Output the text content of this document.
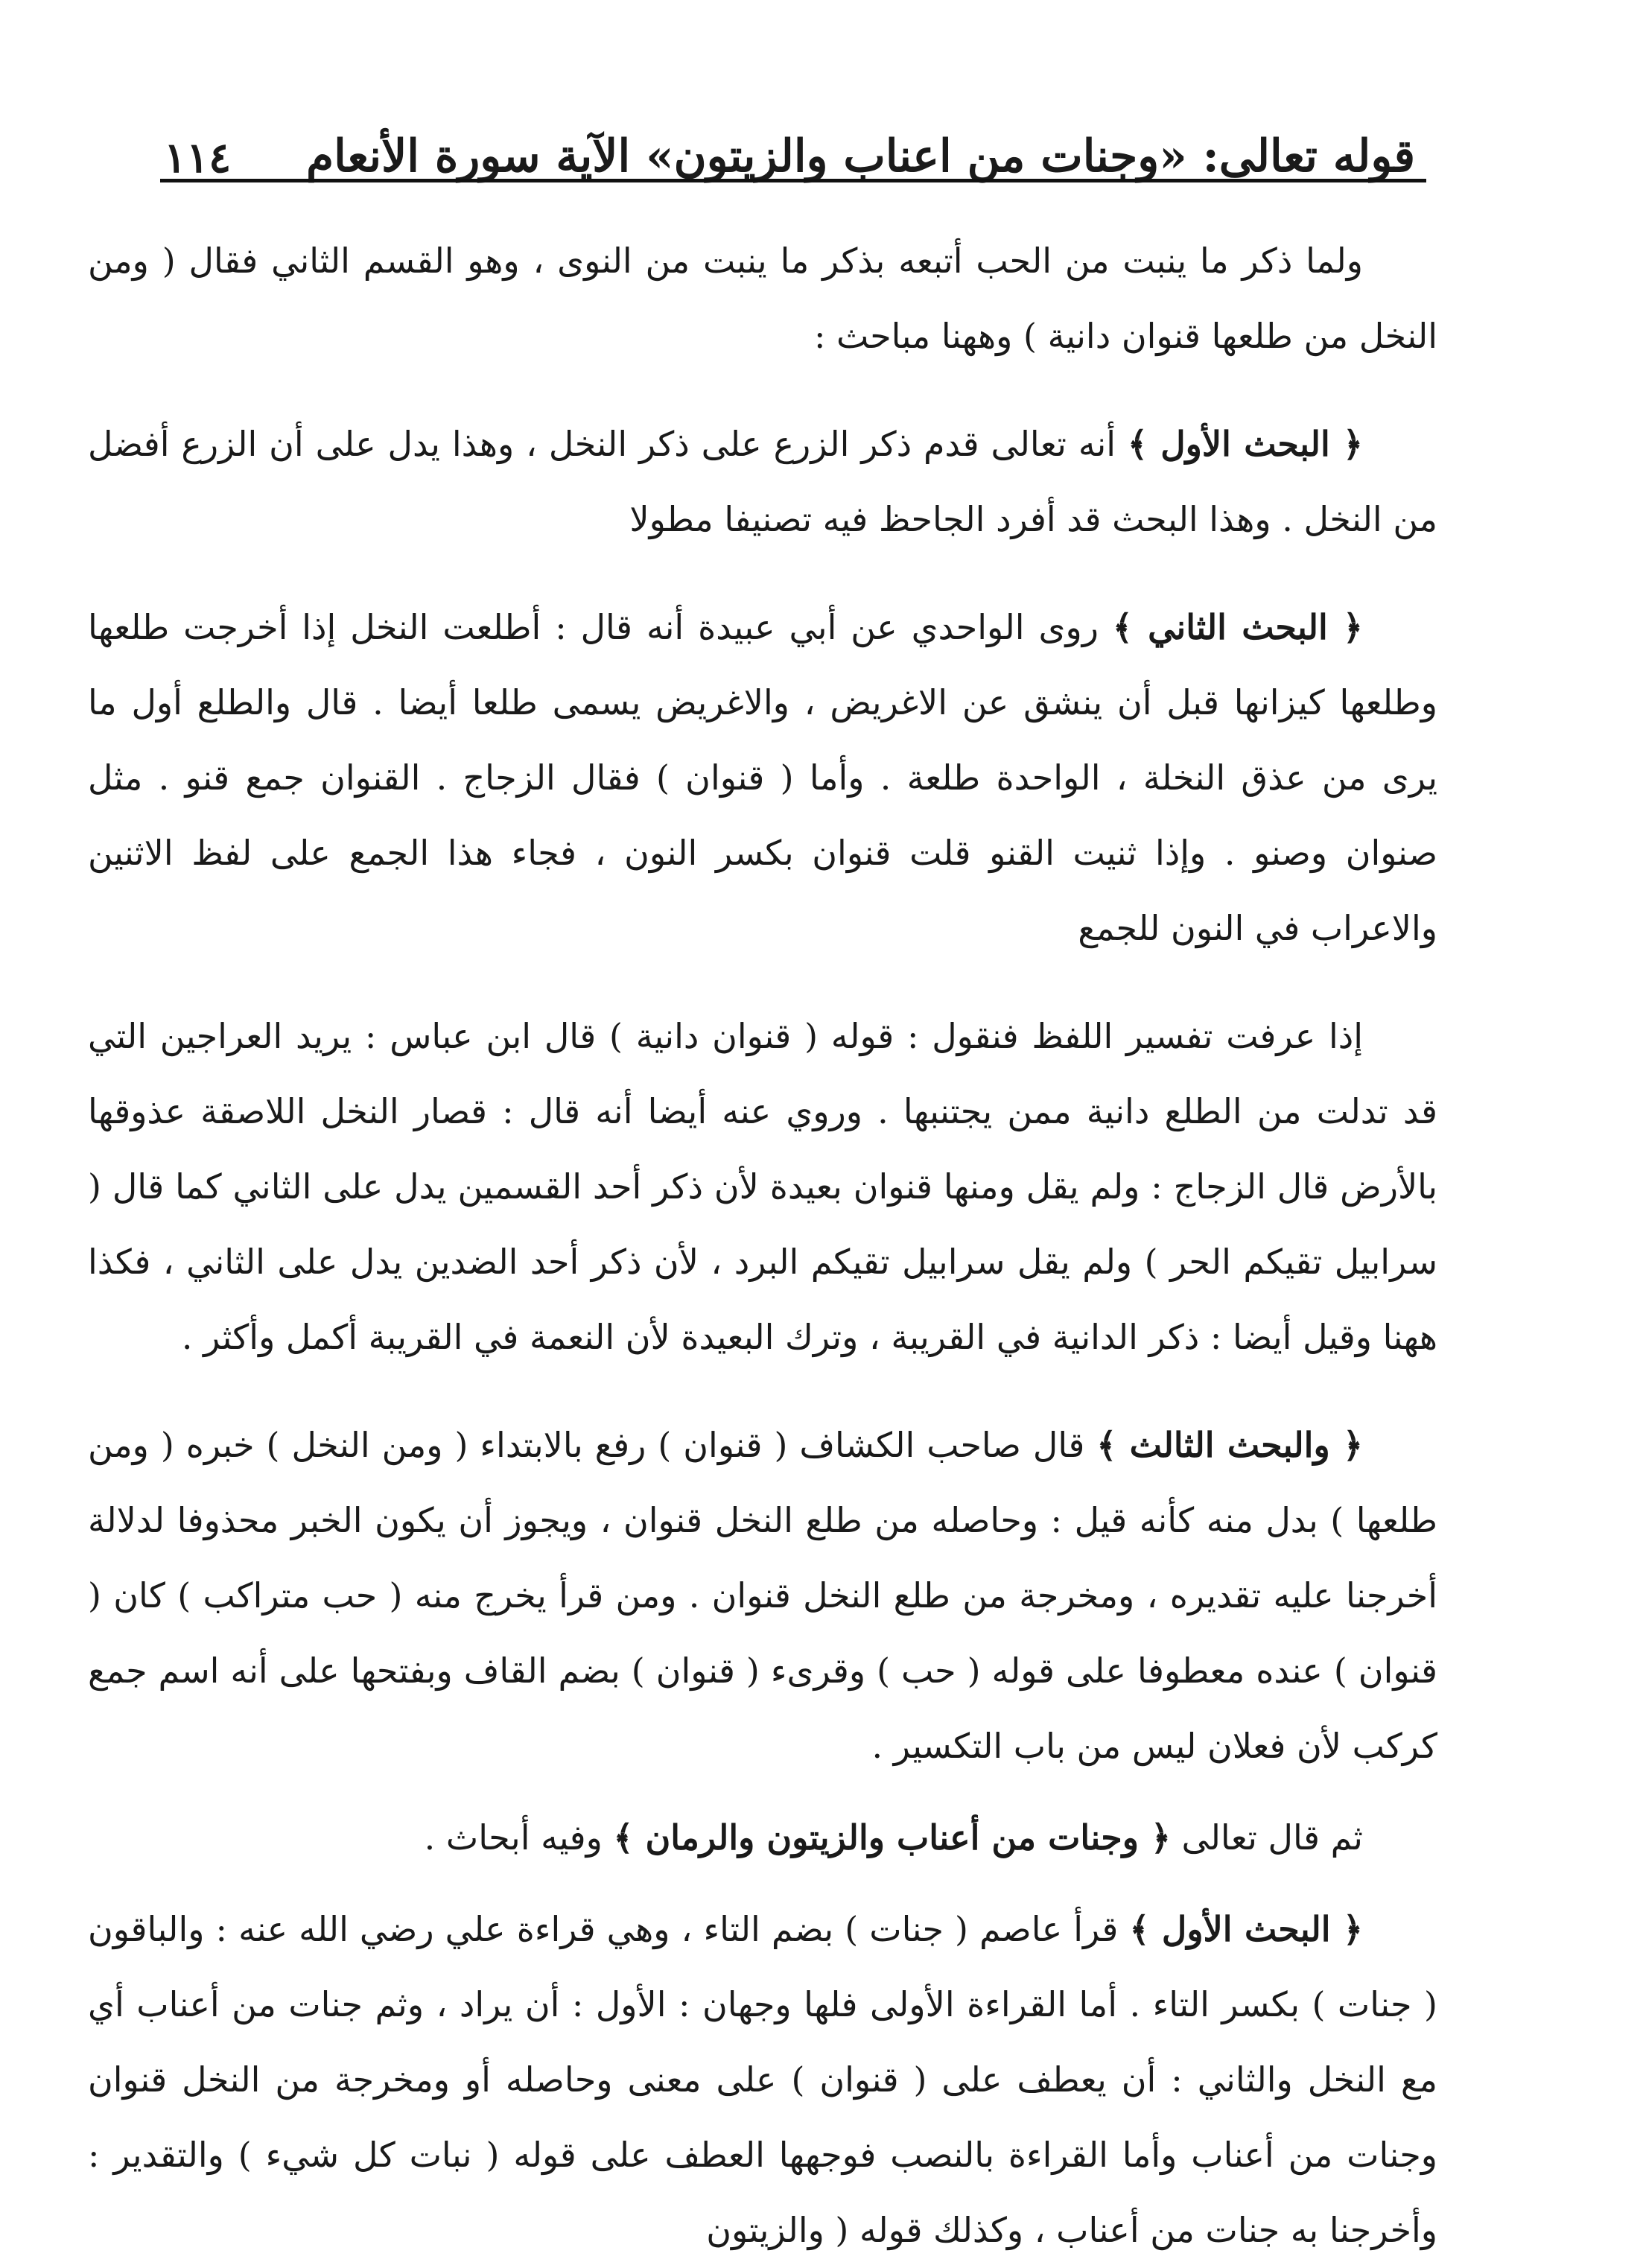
قوله تعالى: «وجنات من اعناب والزيتون» الآية سورة الأنعام
١١٤

ولما ذكر ما ينبت من الحب أتبعه بذكر ما ينبت من النوى ، وهو القسم الثاني فقال ( ومن النخل من طلعها قنوان دانية ) وههنا مباحث :

﴿ البحث الأول ﴾ أنه تعالى قدم ذكر الزرع على ذكر النخل ، وهذا يدل على أن الزرع أفضل من النخل . وهذا البحث قد أفرد الجاحظ فيه تصنيفا مطولا

﴿ البحث الثاني ﴾ روى الواحدي عن أبي عبيدة أنه قال : أطلعت النخل إذا أخرجت طلعها وطلعها كيزانها قبل أن ينشق عن الاغريض ، والاغريض يسمى طلعا أيضا . قال والطلع أول ما يرى من عذق النخلة ، الواحدة طلعة . وأما ( قنوان ) فقال الزجاج . القنوان جمع قنو . مثل صنوان وصنو . وإذا ثنيت القنو قلت قنوان بكسر النون ، فجاء هذا الجمع على لفظ الاثنين والاعراب في النون للجمع

إذا عرفت تفسير اللفظ فنقول : قوله ( قنوان دانية ) قال ابن عباس : يريد العراجين التي قد تدلت من الطلع دانية ممن يجتنبها . وروي عنه أيضا أنه قال : قصار النخل اللاصقة عذوقها بالأرض قال الزجاج : ولم يقل ومنها قنوان بعيدة لأن ذكر أحد القسمين يدل على الثاني كما قال ( سرابيل تقيكم الحر ) ولم يقل سرابيل تقيكم البرد ، لأن ذكر أحد الضدين يدل على الثاني ، فكذا ههنا وقيل أيضا : ذكر الدانية في القريبة ، وترك البعيدة لأن النعمة في القريبة أكمل وأكثر .

﴿ والبحث الثالث ﴾ قال صاحب الكشاف ( قنوان ) رفع بالابتداء ( ومن النخل ) خبره ( ومن طلعها ) بدل منه كأنه قيل : وحاصله من طلع النخل قنوان ، ويجوز أن يكون الخبر محذوفا لدلالة أخرجنا عليه تقديره ، ومخرجة من طلع النخل قنوان . ومن قرأ يخرج منه ( حب متراكب ) كان ( قنوان ) عنده معطوفا على قوله ( حب ) وقرىء ( قنوان ) بضم القاف وبفتحها على أنه اسم جمع كركب لأن فعلان ليس من باب التكسير .

ثم قال تعالى ﴿ وجنات من أعناب والزيتون والرمان ﴾ وفيه أبحاث .

﴿ البحث الأول ﴾ قرأ عاصم ( جنات ) بضم التاء ، وهي قراءة علي رضي الله عنه : والباقون ( جنات ) بكسر التاء . أما القراءة الأولى فلها وجهان : الأول : أن يراد ، وثم جنات من أعناب أي مع النخل والثاني : أن يعطف على ( قنوان ) على معنى وحاصله أو ومخرجة من النخل قنوان وجنات من أعناب وأما القراءة بالنصب فوجهها العطف على قوله ( نبات كل شيء ) والتقدير : وأخرجنا به جنات من أعناب ، وكذلك قوله ( والزيتون
